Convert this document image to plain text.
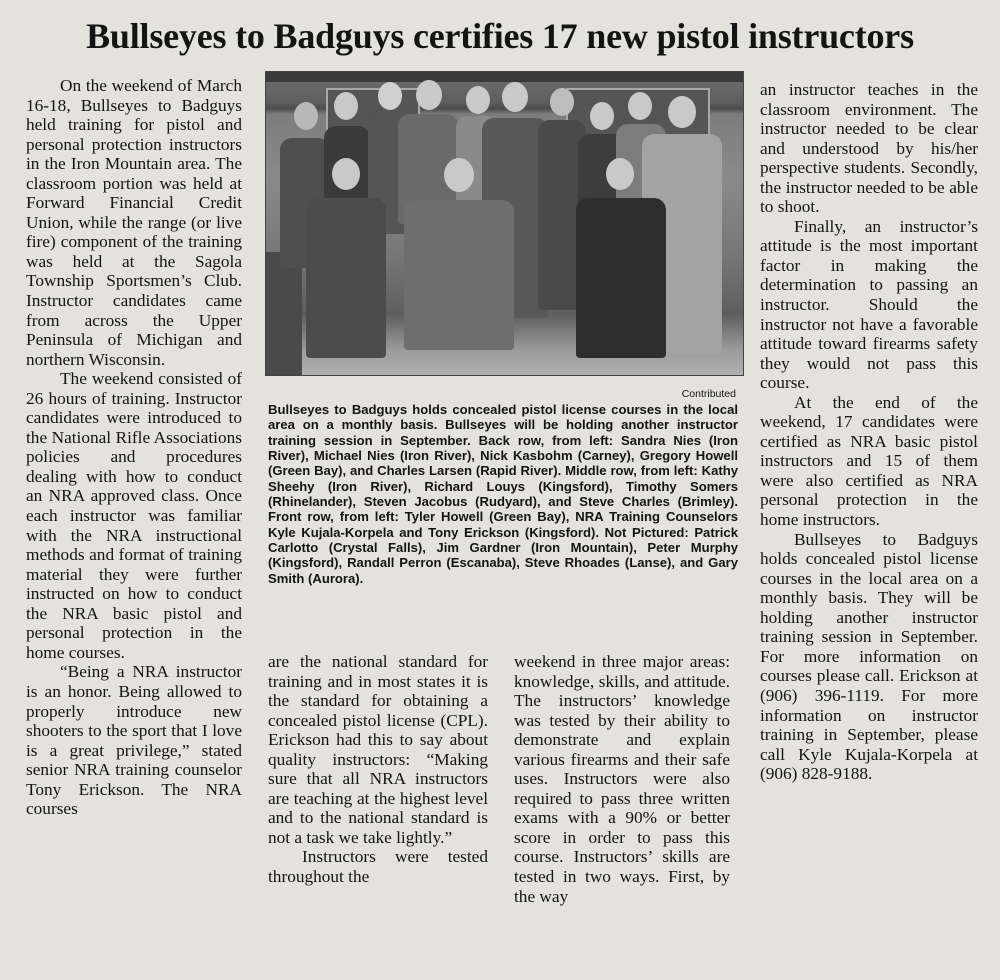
Bullseyes to Badguys certifies 17 new pistol instructors

On the weekend of March 16-18, Bullseyes to Badguys held training for pistol and personal protection instructors in the Iron Mountain area. The classroom portion was held at Forward Financial Credit Union, while the range (or live fire) component of the training was held at the Sagola Township Sportsmen’s Club. Instructor candidates came from across the Upper Peninsula of Michigan and northern Wisconsin.

The weekend consisted of 26 hours of training. Instructor candidates were introduced to the National Rifle Associations policies and procedures dealing with how to conduct an NRA approved class. Once each instructor was familiar with the NRA instructional methods and format of training material they were further instructed on how to conduct the NRA basic pistol and personal protection in the home courses.

“Being a NRA instructor is an honor. Being allowed to properly introduce new shooters to the sport that I love is a great privilege,” stated senior NRA training counselor Tony Erickson. The NRA courses

Contributed

Bullseyes to Badguys holds concealed pistol license courses in the local area on a monthly basis. Bullseyes will be holding another instructor training session in September. Back row, from left: Sandra Nies (Iron River), Michael Nies (Iron River), Nick Kasbohm (Carney), Gregory Howell (Green Bay), and Charles Larsen (Rapid River). Middle row, from left: Kathy Sheehy (Iron River), Richard Louys (Kingsford), Timothy Somers (Rhinelander), Steven Jacobus (Rudyard), and Steve Charles (Brimley). Front row, from left: Tyler Howell (Green Bay), NRA Training Counselors Kyle Kujala-Korpela and Tony Erickson (Kingsford). Not Pictured: Patrick Carlotto (Crystal Falls), Jim Gardner (Iron Mountain), Peter Murphy (Kingsford), Randall Perron (Escanaba), Steve Rhoades (Lanse), and Gary Smith (Aurora).

are the national standard for training and in most states it is the standard for obtaining a concealed pistol license (CPL). Erickson had this to say about quality instructors: “Making sure that all NRA instructors are teaching at the highest level and to the national standard is not a task we take lightly.”

Instructors were tested throughout the

weekend in three major areas: knowledge, skills, and attitude. The instructors’ knowledge was tested by their ability to demonstrate and explain various firearms and their safe uses. Instructors were also required to pass three written exams with a 90% or better score in order to pass this course. Instructors’ skills are tested in two ways. First, by the way

an instructor teaches in the classroom environment. The instructor needed to be clear and understood by his/her perspective students. Secondly, the instructor needed to be able to shoot.

Finally, an instructor’s attitude is the most important factor in making the determination to passing an instructor. Should the instructor not have a favorable attitude toward firearms safety they would not pass this course.

At the end of the weekend, 17 candidates were certified as NRA basic pistol instructors and 15 of them were also certified as NRA personal protection in the home instructors.

Bullseyes to Badguys holds concealed pistol license courses in the local area on a monthly basis. They will be holding another instructor training session in September. For more information on courses please call. Erickson at (906) 396-1119. For more information on instructor training in September, please call Kyle Kujala-Korpela at (906) 828-9188.
